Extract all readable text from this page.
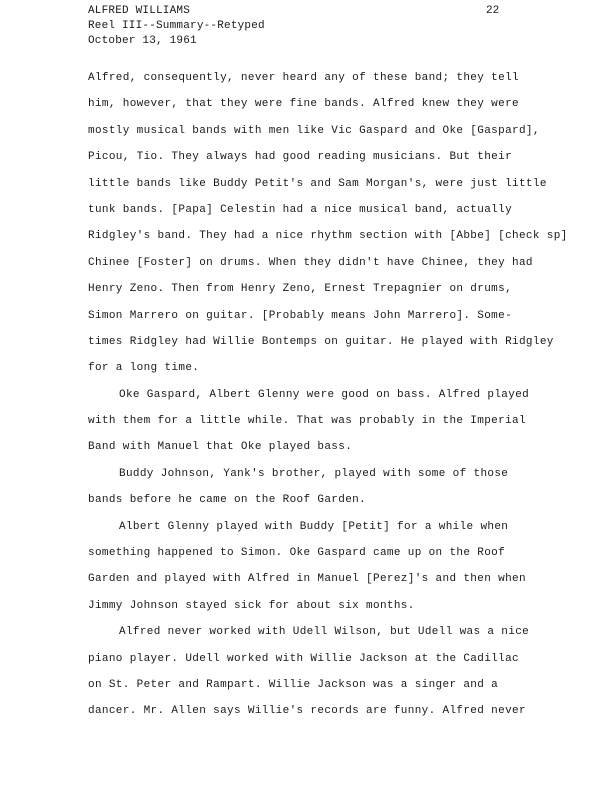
ALFRED WILLIAMS
Reel III--Summary--Retyped
October 13, 1961
22
Alfred, consequently, never heard any of these band; they tell
him, however, that they were fine bands. Alfred knew they were
mostly musical bands with men like Vic Gaspard and Oke [Gaspard],
Picou, Tio. They always had good reading musicians. But their
little bands like Buddy Petit's and Sam Morgan's, were just little
tunk bands. [Papa] Celestin had a nice musical band, actually
Ridgley's band. They had a nice rhythm section with [Abbe] [check sp]
Chinee [Foster] on drums. When they didn't have Chinee, they had
Henry Zeno. Then from Henry Zeno, Ernest Trepagnier on drums,
Simon Marrero on guitar. [Probably means John Marrero]. Some-
times Ridgley had Willie Bontemps on guitar. He played with Ridgley
for a long time.
Oke Gaspard, Albert Glenny were good on bass. Alfred played
with them for a little while. That was probably in the Imperial
Band with Manuel that Oke played bass.
Buddy Johnson, Yank's brother, played with some of those
bands before he came on the Roof Garden.
Albert Glenny played with Buddy [Petit] for a while when
something happened to Simon. Oke Gaspard came up on the Roof
Garden and played with Alfred in Manuel [Perez]'s and then when
Jimmy Johnson stayed sick for about six months.
Alfred never worked with Udell Wilson, but Udell was a nice
piano player. Udell worked with Willie Jackson at the Cadillac
on St. Peter and Rampart. Willie Jackson was a singer and a
dancer. Mr. Allen says Willie's records are funny. Alfred never
